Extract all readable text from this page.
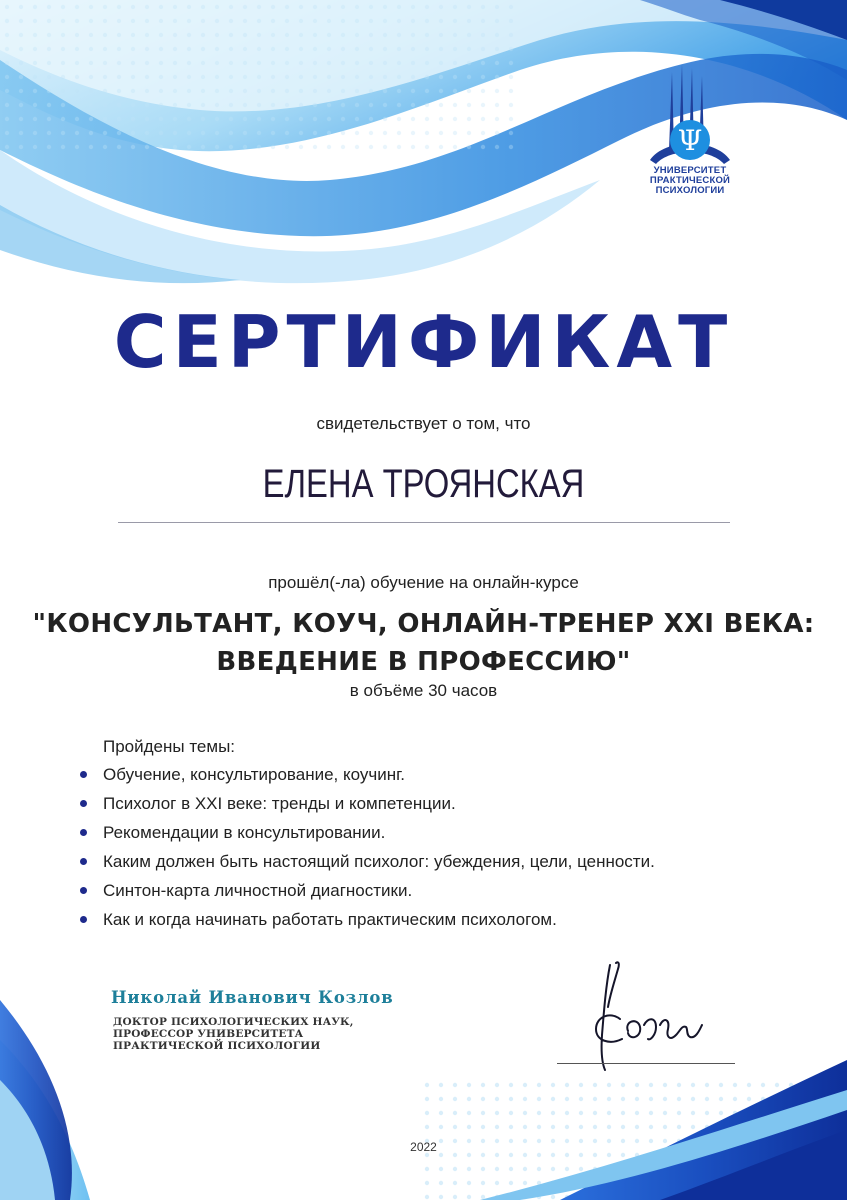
Ψ
УНИВЕРСИТЕТ
ПРАКТИЧЕСКОЙ
ПСИХОЛОГИИ
СЕРТИФИКАТ
свидетельствует о том, что
ЕЛЕНА ТРОЯНСКАЯ
прошёл(-ла) обучение на онлайн-курсе
"КОНСУЛЬТАНТ, КОУЧ, ОНЛАЙН-ТРЕНЕР XXI ВЕКА:
ВВЕДЕНИЕ В ПРОФЕССИЮ"
в объёме 30 часов
Пройдены темы:
Обучение, консультирование, коучинг.
Психолог в XXI веке: тренды и компетенции.
Рекомендации в консультировании.
Каким должен быть настоящий психолог: убеждения, цели, ценности.
Синтон-карта личностной диагностики.
Как и когда начинать работать практическим психологом.
Николай Иванович Козлов
ДОКТОР ПСИХОЛОГИЧЕСКИХ НАУК,
ПРОФЕССОР УНИВЕРСИТЕТА
ПРАКТИЧЕСКОЙ ПСИХОЛОГИИ
2022
